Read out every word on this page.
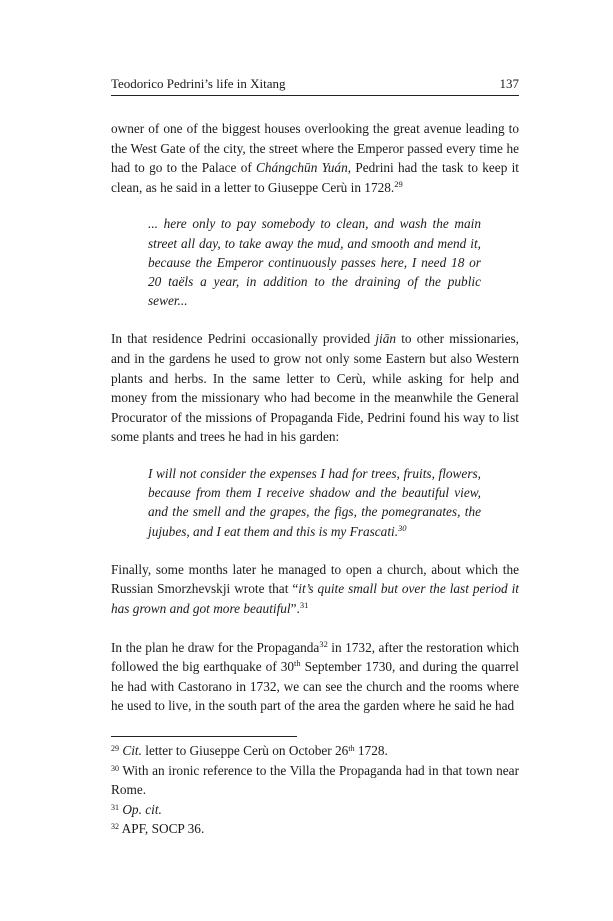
Teodorico Pedrini’s life in Xitang	137

owner of one of the biggest houses overlooking the great avenue leading to the West Gate of the city, the street where the Emperor passed every time he had to go to the Palace of Chángchūn Yuán, Pedrini had the task to keep it clean, as he said in a letter to Giuseppe Cerù in 1728.29

... here only to pay somebody to clean, and wash the main street all day, to take away the mud, and smooth and mend it, because the Emperor continuously passes here, I need 18 or 20 taëls a year, in addition to the draining of the public sewer...

In that residence Pedrini occasionally provided jiān to other missionaries, and in the gardens he used to grow not only some Eastern but also Western plants and herbs. In the same letter to Cerù, while asking for help and money from the missionary who had become in the meanwhile the General Procurator of the missions of Propaganda Fide, Pedrini found his way to list some plants and trees he had in his garden:

I will not consider the expenses I had for trees, fruits, flowers, because from them I receive shadow and the beautiful view, and the smell and the grapes, the figs, the pomegranates, the jujubes, and I eat them and this is my Frascati.$^{30}$

Finally, some months later he managed to open a church, about which the Russian Smorzhevskji wrote that “it’s quite small but over the last period it has grown and got more beautiful”.$^{31}$

In the plan he draw for the Propaganda$^{32}$ in 1732, after the restoration which followed the big earthquake of 30th September 1730, and during the quarrel he had with Castorano in 1732, we can see the church and the rooms where he used to live, in the south part of the area the garden where he said he had

$^{29}$ Cit. letter to Giuseppe Cerù on October 26th 1728.

$^{30}$ With an ironic reference to the Villa the Propaganda had in that town near Rome.

$^{31}$ Op. cit.

$^{32}$ APF, SOCP 36.
